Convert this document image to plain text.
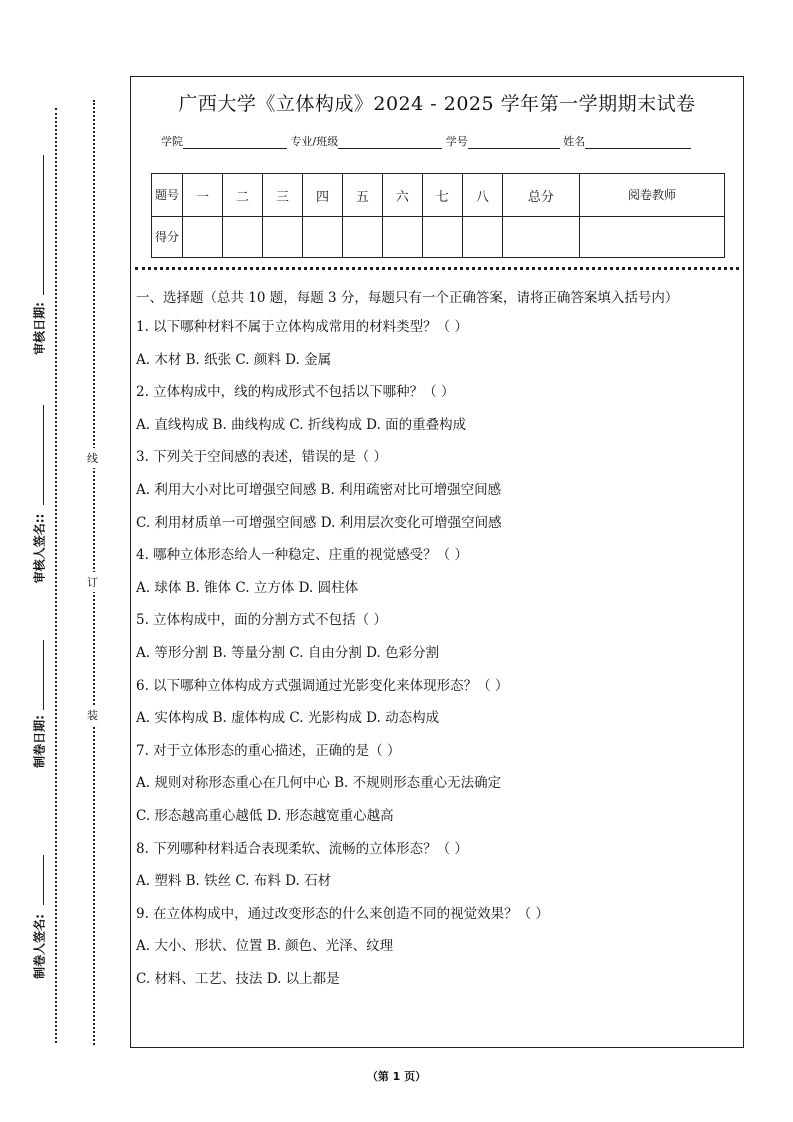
审核日期:
审核人签名::
制卷日期:
制卷人签名:
线
订
装
广西大学《立体构成》2024 - 2025 学年第一学期期末试卷
学院	专业/班级	学号	姓名
题号	一	二	三	四	五	六	七	八	总分	阅卷教师
得分										

一、选择题（总共 10 题，每题 3 分，每题只有一个正确答案，请将正确答案填入括号内）

1. 以下哪种材料不属于立体构成常用的材料类型？（ ）

A. 木材 B. 纸张 C. 颜料 D. 金属

2. 立体构成中，线的构成形式不包括以下哪种？（ ）

A. 直线构成 B. 曲线构成 C. 折线构成 D. 面的重叠构成

3. 下列关于空间感的表述，错误的是（ ）

A. 利用大小对比可增强空间感 B. 利用疏密对比可增强空间感

C. 利用材质单一可增强空间感 D. 利用层次变化可增强空间感

4. 哪种立体形态给人一种稳定、庄重的视觉感受？（ ）

A. 球体 B. 锥体 C. 立方体 D. 圆柱体

5. 立体构成中，面的分割方式不包括（ ）

A. 等形分割 B. 等量分割 C. 自由分割 D. 色彩分割

6. 以下哪种立体构成方式强调通过光影变化来体现形态？（ ）

A. 实体构成 B. 虚体构成 C. 光影构成 D. 动态构成

7. 对于立体形态的重心描述，正确的是（ ）

A. 规则对称形态重心在几何中心 B. 不规则形态重心无法确定

C. 形态越高重心越低 D. 形态越宽重心越高

8. 下列哪种材料适合表现柔软、流畅的立体形态？（ ）

A. 塑料 B. 铁丝 C. 布料 D. 石材

9. 在立体构成中，通过改变形态的什么来创造不同的视觉效果？（ ）

A. 大小、形状、位置 B. 颜色、光泽、纹理

C. 材料、工艺、技法 D. 以上都是

（第 1 页）
